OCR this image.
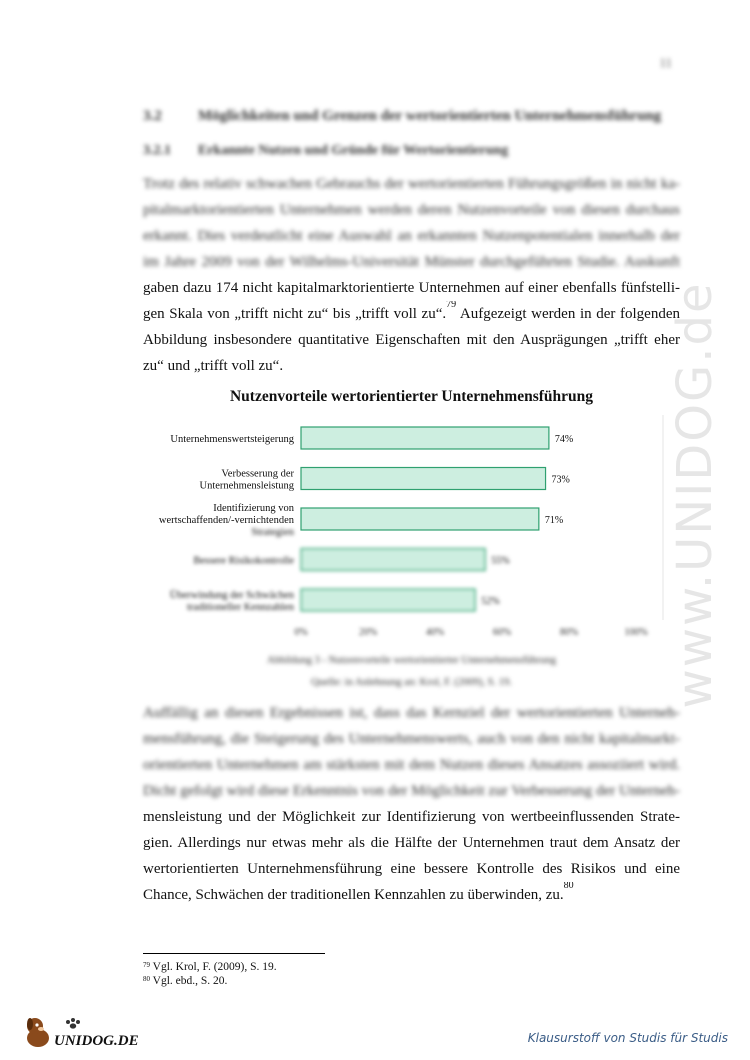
www.UNIDOG.de
11
3.2 Möglichkeiten und Grenzen der wertorientierten Unternehmensführung
3.2.1 Erkannte Nutzen und Gründe für Wertorientierung
Trotz des relativ schwachen Gebrauchs der wertorientierten Führungsgrößen in nicht ka-
pitalmarktorientierten Unternehmen werden deren Nutzenvorteile von diesen durchaus
erkannt. Dies verdeutlicht eine Auswahl an erkannten Nutzenpotentialen innerhalb der
im Jahre 2009 von der Wilhelms-Universität Münster durchgeführten Studie. Auskunft
gaben dazu 174 nicht kapitalmarktorientierte Unternehmen auf einer ebenfalls fünfstelli-
gen Skala von „trifft nicht zu“ bis „trifft voll zu“.$^{79}$ Aufgezeigt werden in der folgenden
Abbildung insbesondere quantitative Eigenschaften mit den Ausprägungen „trifft eher
zu“ und „trifft voll zu“.
Nutzenvorteile wertorientierter Unternehmensführung
74%
Unternehmenswertsteigerung
73%
Verbesserung der
Unternehmensleistung
71%
Identifizierung von
wertschaffenden/-vernichtenden
Strategien
55%
Bessere Risikokontrolle
52%
Überwindung der Schwächen
traditioneller Kennzahlen
0%	20%	40%	60%	80%	100%
Abbildung 3 - Nutzenvorteile wertorientierter Unternehmensführung
Quelle: in Anlehnung an: Krol, F. (2009), S. 19.
Auffällig an diesen Ergebnissen ist, dass das Kernziel der wertorientierten Unterneh-
mensführung, die Steigerung des Unternehmenswerts, auch von den nicht kapitalmarkt-
orientierten Unternehmen am stärksten mit dem Nutzen dieses Ansatzes assoziiert wird.
Dicht gefolgt wird diese Erkenntnis von der Möglichkeit zur Verbesserung der Unterneh-
mensleistung und der Möglichkeit zur Identifizierung von wertbeeinflussenden Strate-
gien. Allerdings nur etwas mehr als die Hälfte der Unternehmen traut dem Ansatz der
wertorientierten Unternehmensführung eine bessere Kontrolle des Risikos und eine
Chance, Schwächen der traditionellen Kennzahlen zu überwinden, zu.$^{80}$
$^{79}$ Vgl. Krol, F. (2009), S. 19.
$^{80}$ Vgl. ebd., S. 20.
UNIDOG.DE	Klausurstoff von Studis für Studis
